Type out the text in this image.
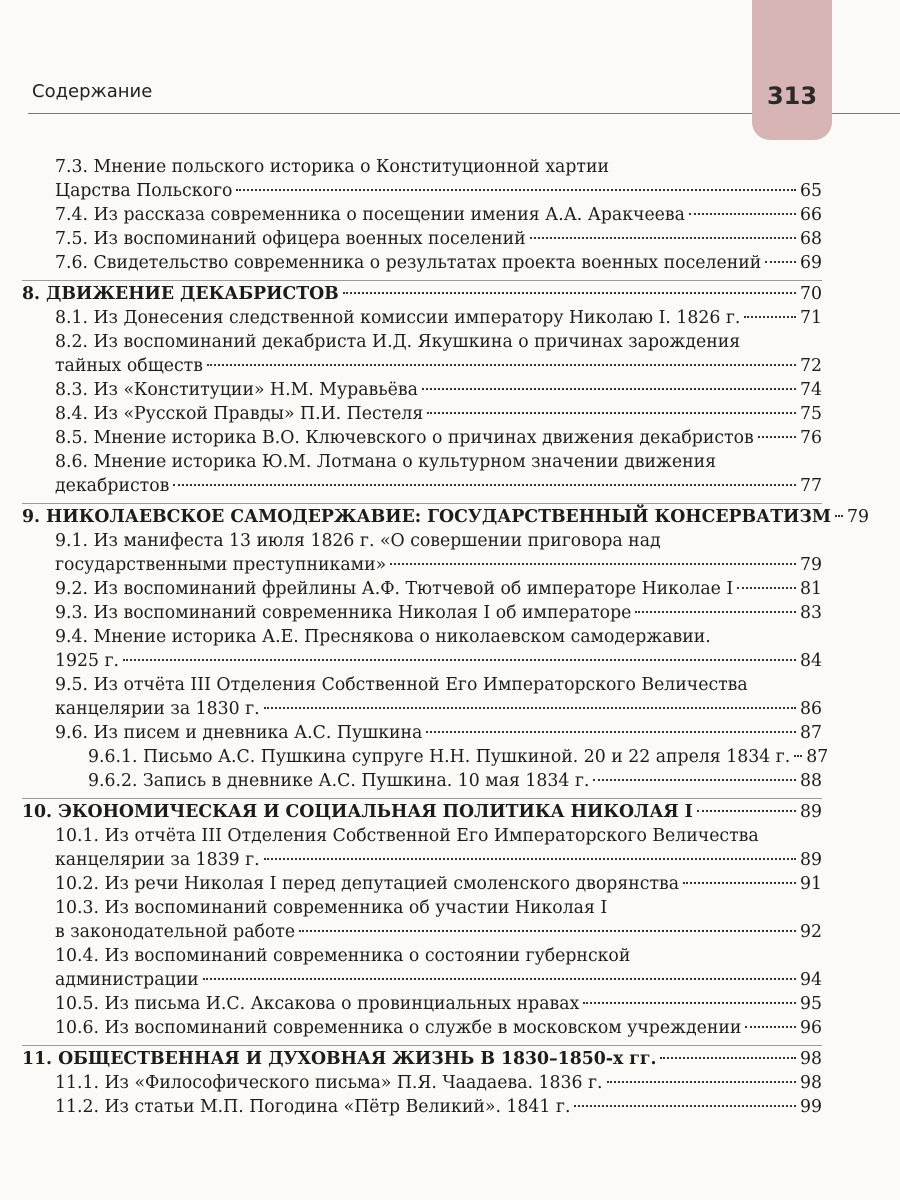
Содержание	313
7.3. Мнение польского историка о Конституционной хартии
Царства Польского	65
7.4. Из рассказа современника о посещении имения А.А. Аракчеева	66
7.5. Из воспоминаний офицера военных поселений	68
7.6. Свидетельство современника о результатах проекта военных поселений 69
8. ДВИЖЕНИЕ ДЕКАБРИСТОВ	70
8.1. Из Донесения следственной комиссии императору Николаю I. 1826 г.	71
8.2. Из воспоминаний декабриста И.Д. Якушкина о причинах зарождения
тайных обществ	72
8.3. Из «Конституции» Н.М. Муравьёва	74
8.4. Из «Русской Правды» П.И. Пестеля	75
8.5. Мнение историка В.О. Ключевского о причинах движения декабристов	76
8.6. Мнение историка Ю.М. Лотмана о культурном значении движения
декабристов	77
9. НИКОЛАЕВСКОЕ САМОДЕРЖАВИЕ: ГОСУДАРСТВЕННЫЙ КОНСЕРВАТИЗМ 79
9.1. Из манифеста 13 июля 1826 г. «О совершении приговора над
государственными преступниками»	79
9.2. Из воспоминаний фрейлины А.Ф. Тютчевой об императоре Николае I	81
9.3. Из воспоминаний современника Николая I об императоре	83
9.4. Мнение историка А.Е. Преснякова о николаевском самодержавии.
1925 г.	84
9.5. Из отчёта III Отделения Собственной Его Императорского Величества
канцелярии за 1830 г.	86
9.6. Из писем и дневника А.С. Пушкина	87
9.6.1. Письмо А.С. Пушкина супруге Н.Н. Пушкиной. 20 и 22 апреля 1834 г. 87
9.6.2. Запись в дневнике А.С. Пушкина. 10 мая 1834 г.	88
10. ЭКОНОМИЧЕСКАЯ И СОЦИАЛЬНАЯ ПОЛИТИКА НИКОЛАЯ I	89
10.1. Из отчёта III Отделения Собственной Его Императорского Величества
канцелярии за 1839 г.	89
10.2. Из речи Николая I перед депутацией смоленского дворянства	91
10.3. Из воспоминаний современника об участии Николая I
в законодательной работе	92
10.4. Из воспоминаний современника о состоянии губернской
администрации	94
10.5. Из письма И.С. Аксакова о провинциальных нравах	95
10.6. Из воспоминаний современника о службе в московском учреждении	96
11. ОБЩЕСТВЕННАЯ И ДУХОВНАЯ ЖИЗНЬ В 1830–1850-х гг.	98
11.1. Из «Философического письма» П.Я. Чаадаева. 1836 г.	98
11.2. Из статьи М.П. Погодина «Пётр Великий». 1841 г.	99
